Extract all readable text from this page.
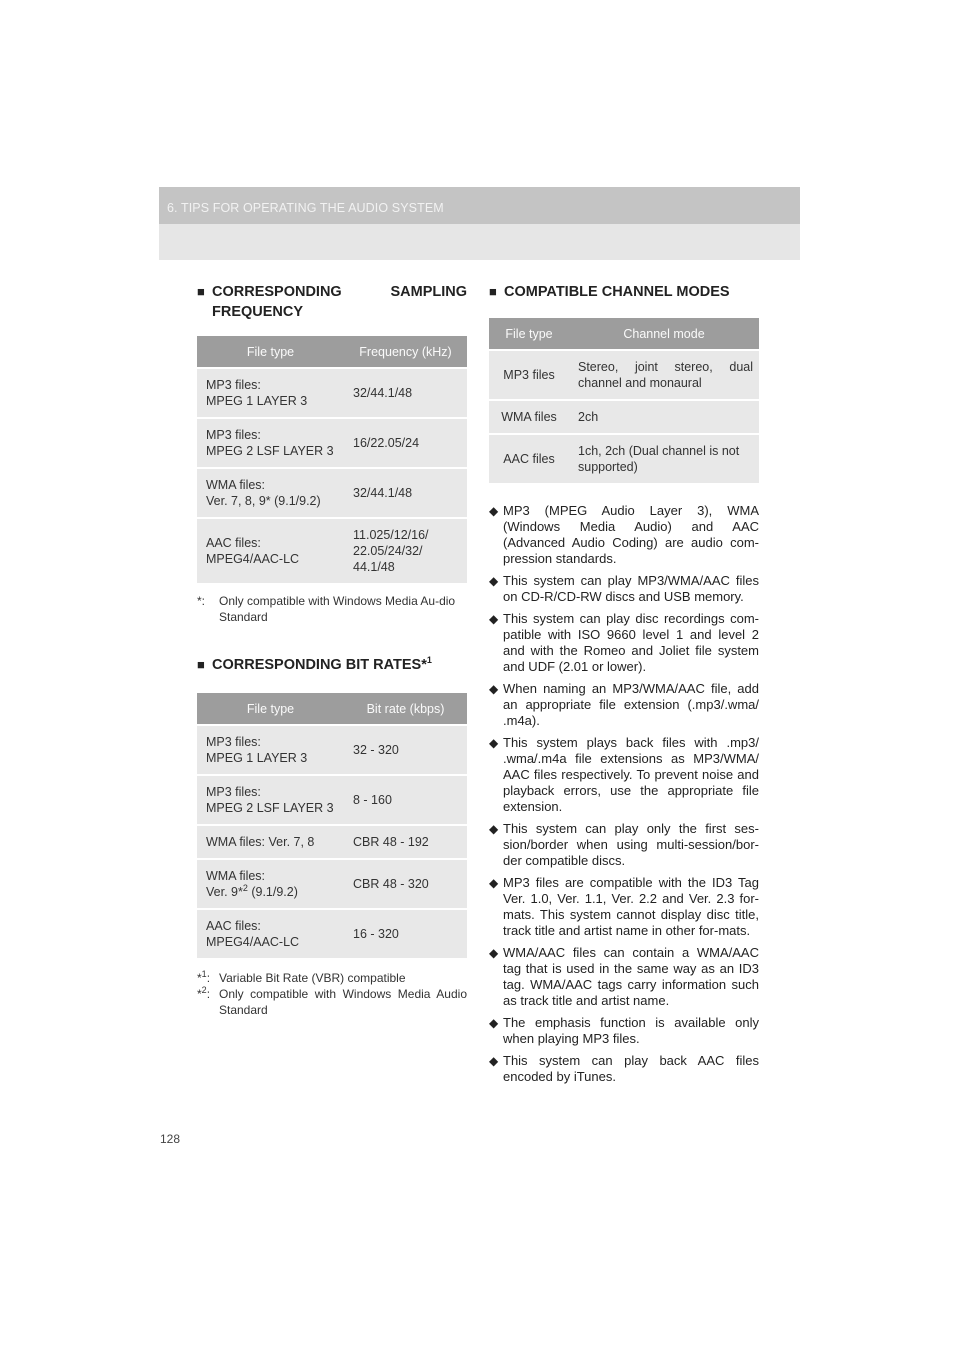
6. TIPS FOR OPERATING THE AUDIO SYSTEM
■ CORRESPONDING SAMPLING
FREQUENCY
File type	Frequency (kHz)
MP3 files:
MPEG 1 LAYER 3	32/44.1/48
MP3 files:
MPEG 2 LSF LAYER 3	16/22.05/24
WMA files:
Ver. 7, 8, 9* (9.1/9.2)	32/44.1/48
AAC files:
MPEG4/AAC-LC	11.025/12/16/
22.05/24/32/
44.1/48
*:	Only compatible with Windows Media Au-dio Standard
■ CORRESPONDING BIT RATES*$^1$
File type	Bit rate (kbps)
MP3 files:
MPEG 1 LAYER 3	32 - 320
MP3 files:
MPEG 2 LSF LAYER 3	8 - 160
WMA files: Ver. 7, 8	CBR 48 - 192
WMA files:
Ver. 9*$^2$ (9.1/9.2)	CBR 48 - 320
AAC files:
MPEG4/AAC-LC	16 - 320
*$^1$: Variable Bit Rate (VBR) compatible
*$^2$: Only compatible with Windows Media Audio Standard
■ COMPATIBLE CHANNEL MODES
File type	Channel mode
MP3 files	Stereo, joint stereo, dual channel and monaural
WMA files	2ch
AAC files	1ch, 2ch (Dual channel is not supported)
◆ MP3 (MPEG Audio Layer 3), WMA (Windows Media Audio) and AAC (Advanced Audio Coding) are audio com-pression standards.
◆ This system can play MP3/WMA/AAC files on CD-R/CD-RW discs and USB memory.
◆ This system can play disc recordings com-patible with ISO 9660 level 1 and level 2 and with the Romeo and Joliet file system and UDF (2.01 or lower).
◆ When naming an MP3/WMA/AAC file, add an appropriate file extension (.mp3/.wma/ .m4a).
◆ This system plays back files with .mp3/ .wma/.m4a file extensions as MP3/WMA/ AAC files respectively. To prevent noise and playback errors, use the appropriate file extension.
◆ This system can play only the first ses-sion/border when using multi-session/bor-der compatible discs.
◆ MP3 files are compatible with the ID3 Tag Ver. 1.0, Ver. 1.1, Ver. 2.2 and Ver. 2.3 for-mats. This system cannot display disc title, track title and artist name in other for-mats.
◆ WMA/AAC files can contain a WMA/AAC tag that is used in the same way as an ID3 tag. WMA/AAC tags carry information such as track title and artist name.
◆ The emphasis function is available only when playing MP3 files.
◆ This system can play back AAC files encoded by iTunes.
128
